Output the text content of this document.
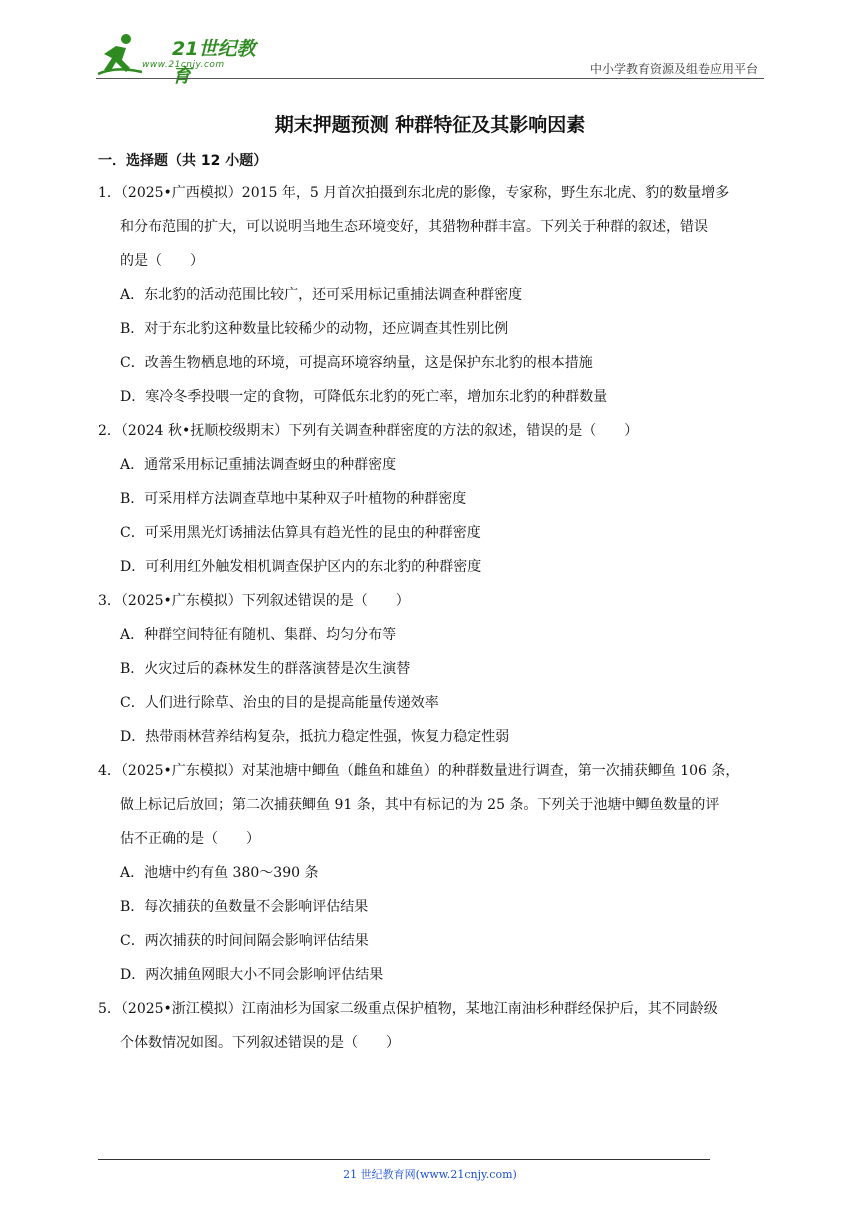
21世纪教育
www.21cnjy.com	中小学教育资源及组卷应用平台
期末押题预测 种群特征及其影响因素
一．选择题（共 12 小题）
1．（2025•广西模拟）2015 年，5 月首次拍摄到东北虎的影像，专家称，野生东北虎、豹的数量增多
和分布范围的扩大，可以说明当地生态环境变好，其猎物种群丰富。下列关于种群的叙述，错误
的是（　　）
A．东北豹的活动范围比较广，还可采用标记重捕法调查种群密度
B．对于东北豹这种数量比较稀少的动物，还应调查其性别比例
C．改善生物栖息地的环境，可提高环境容纳量，这是保护东北豹的根本措施
D．寒冷冬季投喂一定的食物，可降低东北豹的死亡率，增加东北豹的种群数量
2．（2024 秋•抚顺校级期末）下列有关调查种群密度的方法的叙述，错误的是（　　）
A．通常采用标记重捕法调查蚜虫的种群密度
B．可采用样方法调查草地中某种双子叶植物的种群密度
C．可采用黑光灯诱捕法估算具有趋光性的昆虫的种群密度
D．可利用红外触发相机调查保护区内的东北豹的种群密度
3．（2025•广东模拟）下列叙述错误的是（　　）
A．种群空间特征有随机、集群、均匀分布等
B．火灾过后的森林发生的群落演替是次生演替
C．人们进行除草、治虫的目的是提高能量传递效率
D．热带雨林营养结构复杂，抵抗力稳定性强，恢复力稳定性弱
4．（2025•广东模拟）对某池塘中鲫鱼（雌鱼和雄鱼）的种群数量进行调查，第一次捕获鲫鱼 106 条，
做上标记后放回；第二次捕获鲫鱼 91 条，其中有标记的为 25 条。下列关于池塘中鲫鱼数量的评
估不正确的是（　　）
A．池塘中约有鱼 380～390 条
B．每次捕获的鱼数量不会影响评估结果
C．两次捕获的时间间隔会影响评估结果
D．两次捕鱼网眼大小不同会影响评估结果
5．（2025•浙江模拟）江南油杉为国家二级重点保护植物，某地江南油杉种群经保护后，其不同龄级
个体数情况如图。下列叙述错误的是（　　）
21 世纪教育网(www.21cnjy.com)
